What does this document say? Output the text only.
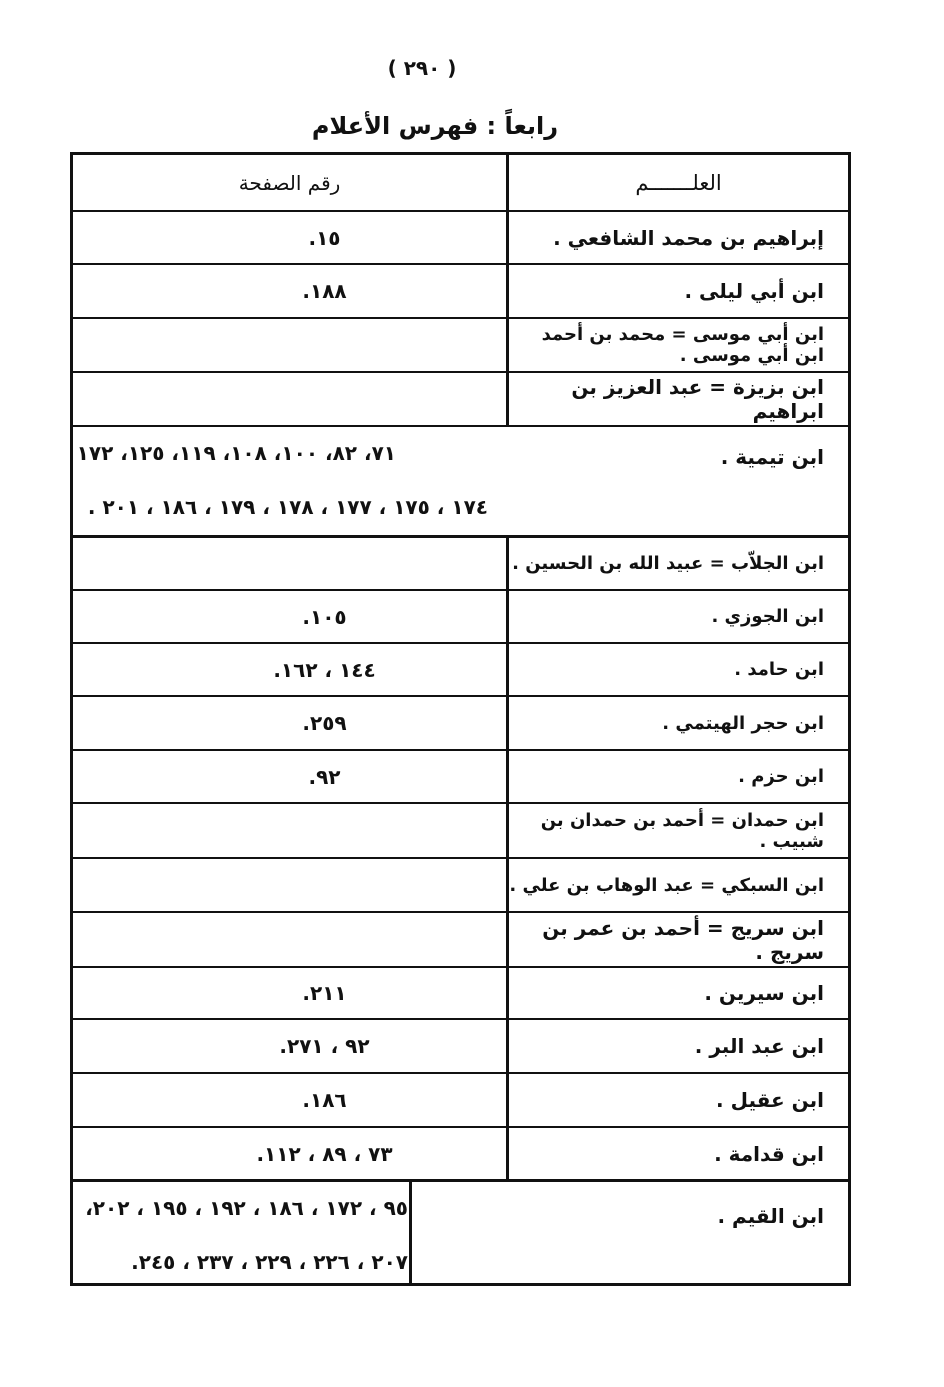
( ٢٩٠ )
رابعاً : فهرس الأعلام
العلـــــــم
رقم الصفحة
إبراهيم بن محمد الشافعي .
١٥.
ابن أبي ليلى .
١٨٨.
ابن أبي موسى = محمد بن أحمد ابن أبي موسى .
ابن بزيزة = عبد العزيز بن ابراهيم
ابن تيمية .
٧١، ٨٢، ١٠٠، ١٠٨، ١١٩، ١٢٥، ١٧٢
١٧٤ ، ١٧٥ ، ١٧٧ ، ١٧٨ ، ١٧٩ ، ١٨٦ ، ٢٠١ .
ابن الجلاّب = عبيد الله بن الحسين .
ابن الجوزي .
١٠٥.
ابن حامد .
١٤٤ ، ١٦٢.
ابن حجر الهيتمي .
٢٥٩.
ابن حزم .
٩٢.
ابن حمدان = أحمد بن حمدان بن شبيب .
ابن السبكي = عبد الوهاب بن علي .
ابن سريج = أحمد بن عمر بن سريج .
ابن سيرين .
٢١١.
ابن عبد البر .
٩٢ ، ٢٧١.
ابن عقيل .
١٨٦.
ابن قدامة .
٧٣ ، ٨٩ ، ١١٢.
ابن القيم .
٩٥ ، ١٧٢ ، ١٨٦ ، ١٩٢ ، ١٩٥ ، ٢٠٢،
٢٠٧ ، ٢٢٦ ، ٢٢٩ ، ٢٣٧ ، ٢٤٥.
